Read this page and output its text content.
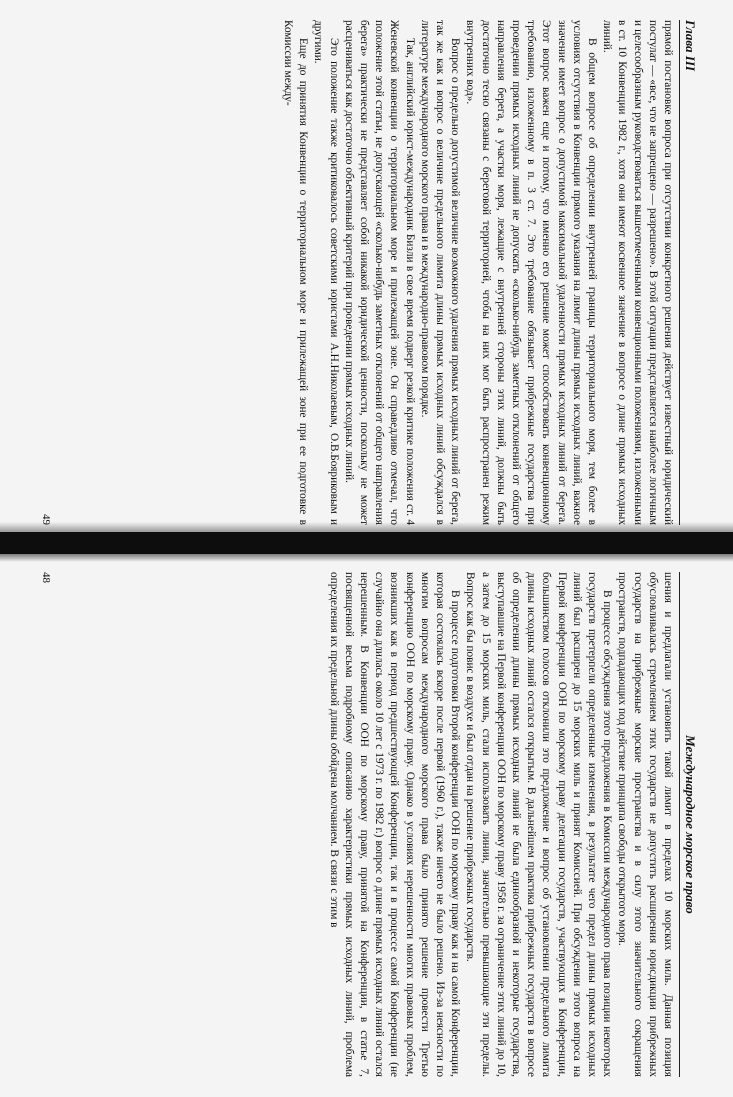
Глава III

прямой постановке вопроса при отсутствии конкретного решения действует известный юридический постулат — «все, что не запрещено — разрешено». В этой ситуации представляется наиболее логичным и целесообразным руководствоваться вышеотмеченными конвенционными положениями, изложенными в ст. 10 Конвенции 1982 г., хотя они имеют косвенное значение в вопросе о длине прямых исходных линий.

В общем вопросе об определении внутренней границы территориального моря, тем более в условиях отсутствия в Конвенции прямого указания на лимит длины прямых исходных линий, важное значение имеет вопрос о допустимой максимальной удаленности прямых исходных линий от берега. Этот вопрос важен еще и потому, что именно его решение может способствовать конвенционному требованию, изложенному в п. 3 ст. 7. Это требование обязывает прибрежные государства при проведении прямых исходных линий не допускать «сколько-нибудь заметных отклонений от общего направления берега, а участки моря, лежащие с внутренней стороны этих линий, должны быть достаточно тесно связаны с береговой территорией, чтобы на них мог быть распространен режим внутренних вод».

Вопрос о предельно допустимой величине возможного удаления прямых исходных линий от берега, так же как и вопрос о величине предельного лимита длины прямых исходных линий обсуждался в литературе международного морского права и в международно-правовом порядке.

Так, английский юрист-международник Бизли в свое время подверг резкой критике положения ст. 4 Женевской конвенции о территориальном море и прилежащей зоне. Он справедливо отмечал, что положение этой статьи, не допускающей «сколько-нибудь заметных отклонений от общего направления берега» практически не представляет собой никакой юридической ценности, поскольку не может расцениваться как достаточно объективный критерий при проведении прямых исходных линий.

Это положение также критиковалось советскими юристами А.Н.Николаевым, О.В.Бояриковым и другими.

Еще до принятия Конвенции о территориальном море и прилежащей зоне при ее подготовке в Комиссии между-

49
Международное морское право

шения и предлагали установить такой лимит в пределах 10 морских миль. Данная позиция обусловливалась стремлением этих государств не допустить расширения юрисдикции прибрежных государств на прибрежные морские пространства и в силу этого значительного сокращения пространств, подпадающих под действие принципа свободы открытого моря.

В процессе обсуждения этого предложения в Комиссии международного права позиции некоторых государств претерпели определенные изменения, в результате чего предел длины прямых исходных линий был расширен до 15 морских миль и принят Комиссией. При обсуждении этого вопроса на Первой конференции ООН по морскому праву делегации государств, участвующих в Конференции, большинством голосов отклонили это предложение и вопрос об установлении предельного лимита длины исходных линий остался открытым. В дальнейшем практика прибрежных государств в вопросе об определении длины прямых исходных линий не была единообразной и некоторые государства, выступавшие на Первой конференции ООН по морскому праву 1958 г. за ограничение этих линий до 10, а затем до 15 морских миль, стали использовать линии, значительно превышающие эти пределы. Вопрос как бы повис в воздухе и был отдан на решение прибрежных государств.

В процессе подготовки Второй конференции ООН по морскому праву как и на самой Конференции, которая состоялась вскоре после первой (1960 г.), также ничего не было решено. Из-за неясности по многим вопросам международного морского права было принято решение провести Третью конференцию ООН по морскому праву. Однако в условиях нерешенности многих правовых проблем, возникших как в период предшествующей Конференции, так и в процессе самой Конференции (не случайно она длилась около 10 лет с 1973 г. по 1982 г.) вопрос о длине прямых исходных линий остался нерешенным. В Конвенции ООН по морскому праву, принятой на Конференции, в статье 7, посвященной весьма подробному описанию характеристики прямых исходных линий, проблема определения их предельной длины обойдена молчанием. В связи с этим в

48
